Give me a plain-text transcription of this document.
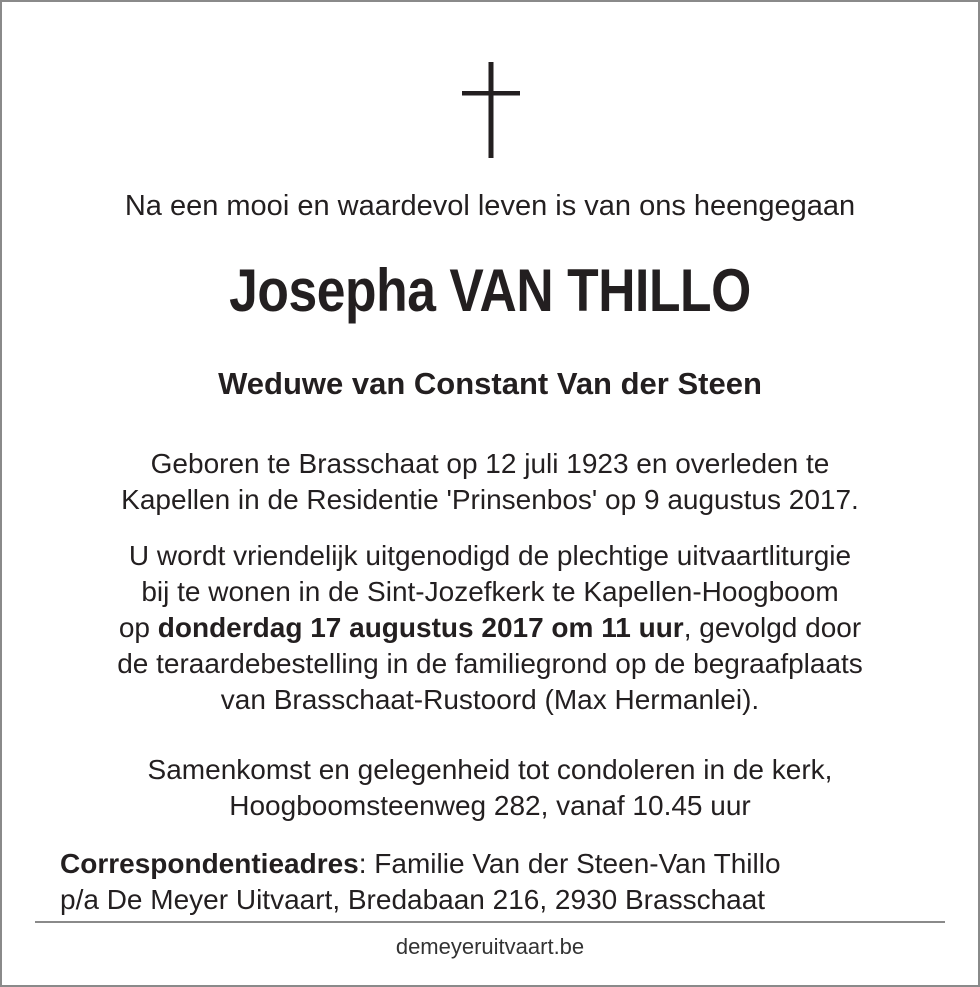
Na een mooi en waardevol leven is van ons heengegaan
Josepha VAN THILLO
Weduwe van Constant Van der Steen
Geboren te Brasschaat op 12 juli 1923 en overleden te
Kapellen in de Residentie 'Prinsenbos' op 9 augustus 2017.
U wordt vriendelijk uitgenodigd de plechtige uitvaartliturgie
bij te wonen in de Sint-Jozefkerk te Kapellen-Hoogboom
op donderdag 17 augustus 2017 om 11 uur, gevolgd door
de teraardebestelling in de familiegrond op de begraafplaats
van Brasschaat-Rustoord (Max Hermanlei).
Samenkomst en gelegenheid tot condoleren in de kerk,
Hoogboomsteenweg 282, vanaf 10.45 uur
Correspondentieadres: Familie Van der Steen-Van Thillo
p/a De Meyer Uitvaart, Bredabaan 216, 2930 Brasschaat
demeyeruitvaart.be
